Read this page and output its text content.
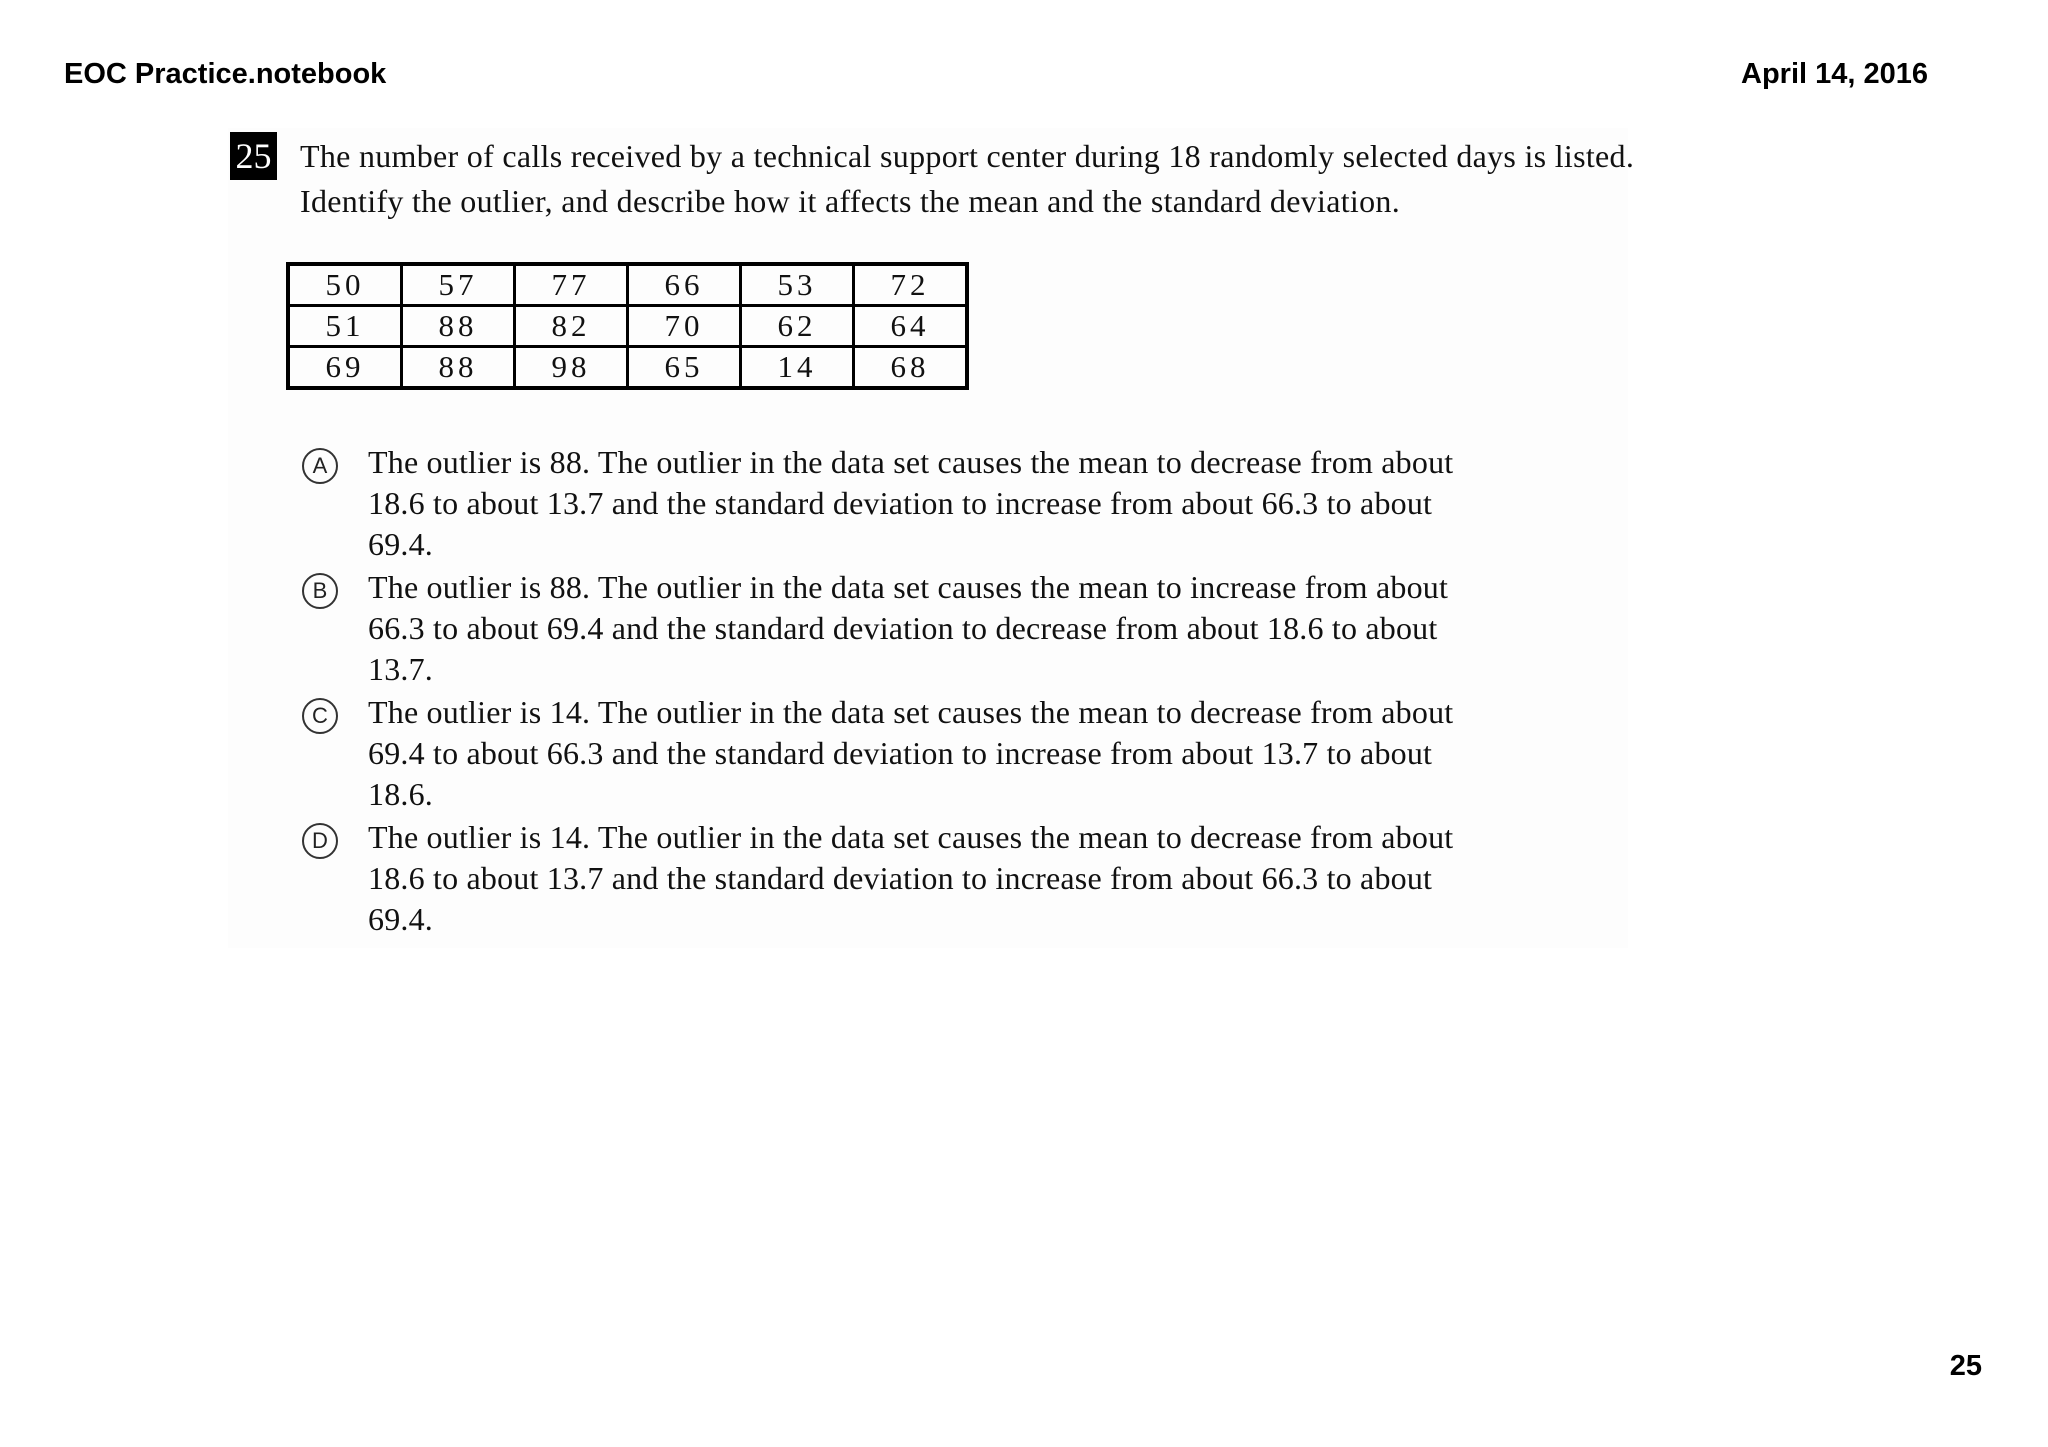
EOC Practice.notebook	April 14, 2016
25 The number of calls received by a technical support center during 18 randomly selected days is listed.
Identify the outlier, and describe how it affects the mean and the standard deviation.
50	57	77	66	53	72
51	88	82	70	62	64
69	88	98	65	14	68
A	The outlier is 88. The outlier in the data set causes the mean to decrease from about
18.6 to about 13.7 and the standard deviation to increase from about 66.3 to about
69.4.
B	The outlier is 88. The outlier in the data set causes the mean to increase from about
66.3 to about 69.4 and the standard deviation to decrease from about 18.6 to about
13.7.
C	The outlier is 14. The outlier in the data set causes the mean to decrease from about
69.4 to about 66.3 and the standard deviation to increase from about 13.7 to about
18.6.
D	The outlier is 14. The outlier in the data set causes the mean to decrease from about
18.6 to about 13.7 and the standard deviation to increase from about 66.3 to about
69.4.
25
